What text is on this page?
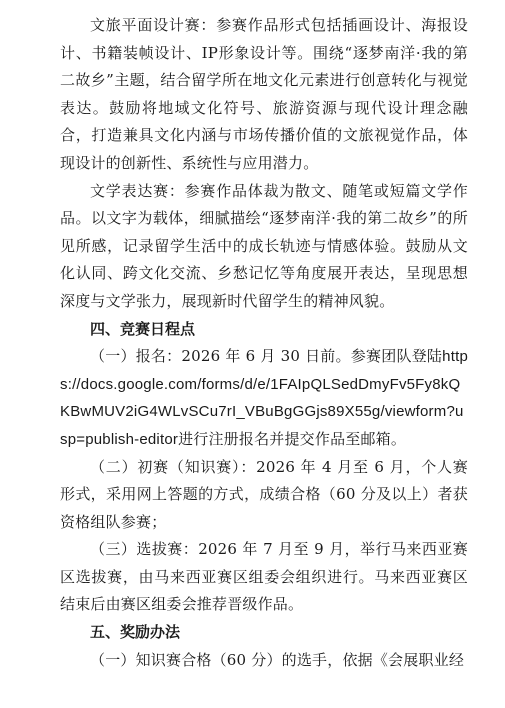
文旅平面设计赛：参赛作品形式包括插画设计、海报设计、书籍装帧设计、IP形象设计等。围绕“逐梦南洋·我的第二故乡”主题，结合留学所在地文化元素进行创意转化与视觉表达。鼓励将地域文化符号、旅游资源与现代设计理念融合，打造兼具文化内涵与市场传播价值的文旅视觉作品，体现设计的创新性、系统性与应用潜力。

文学表达赛：参赛作品体裁为散文、随笔或短篇文学作品。以文字为载体，细腻描绘“逐梦南洋·我的第二故乡”的所见所感，记录留学生活中的成长轨迹与情感体验。鼓励从文化认同、跨文化交流、乡愁记忆等角度展开表达，呈现思想深度与文学张力，展现新时代留学生的精神风貌。

四、竞赛日程点

（一）报名：2026 年 6 月 30 日前。参赛团队登陆https://docs.google.com/forms/d/e/1FAIpQLSedDmyFv5Fy8kQKBwMUV2iG4WLvSCu7rI_VBuBgGGjs89X55g/viewform?usp=publish-editor进行注册报名并提交作品至邮箱。

（二）初赛（知识赛）：2026 年 4 月至 6 月，个人赛形式，采用网上答题的方式，成绩合格（60 分及以上）者获资格组队参赛；

（三）选拔赛：2026 年 7 月至 9 月，举行马来西亚赛区选拔赛，由马来西亚赛区组委会组织进行。马来西亚赛区结束后由赛区组委会推荐晋级作品。

五、奖励办法

（一）知识赛合格（60 分）的选手，依据《会展职业经
